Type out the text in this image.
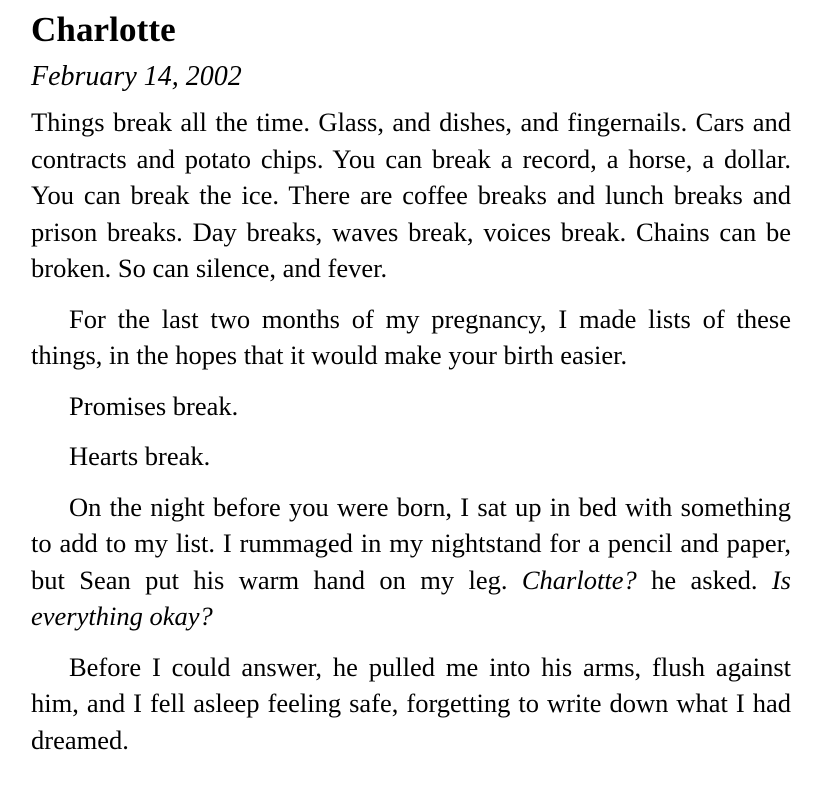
Charlotte
February 14, 2002

Things break all the time. Glass, and dishes, and fingernails. Cars and contracts and potato chips. You can break a record, a horse, a dollar. You can break the ice. There are coffee breaks and lunch breaks and prison breaks. Day breaks, waves break, voices break. Chains can be broken. So can silence, and fever.

For the last two months of my pregnancy, I made lists of these things, in the hopes that it would make your birth easier.

Promises break.

Hearts break.

On the night before you were born, I sat up in bed with something to add to my list. I rummaged in my nightstand for a pencil and paper, but Sean put his warm hand on my leg. Charlotte? he asked. Is everything okay?

Before I could answer, he pulled me into his arms, flush against him, and I fell asleep feeling safe, forgetting to write down what I had dreamed.
